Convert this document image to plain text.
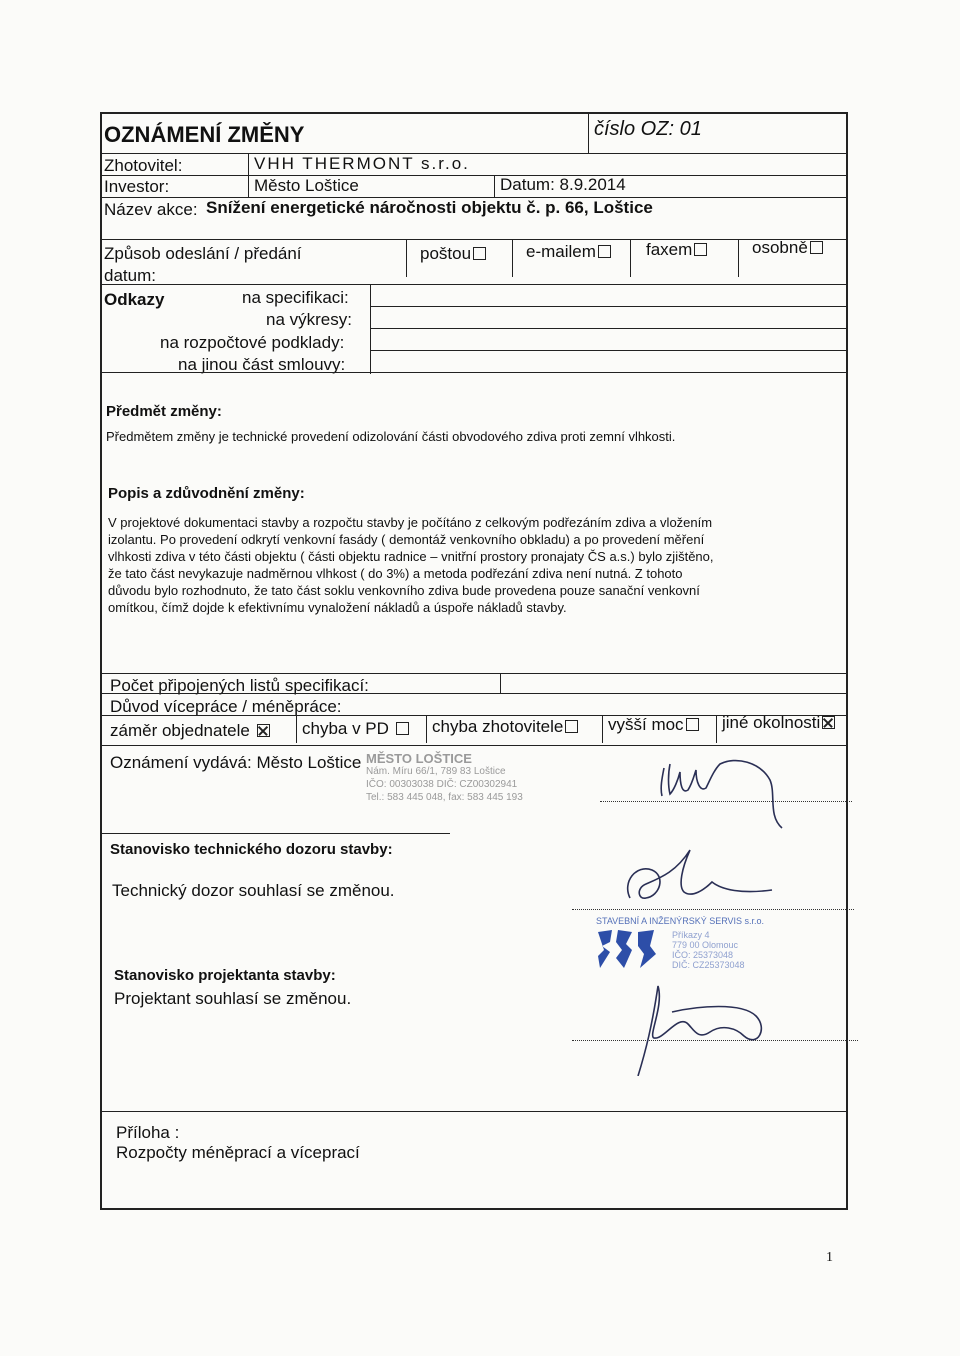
OZNÁMENÍ ZMĚNY	číslo OZ: 01
Zhotovitel:	VHH THERMONT s.r.o.
Investor:	Město Loštice	Datum: 8.9.2014
Název akce: Snížení energetické náročnosti objektu č. p. 66, Loštice
Způsob odeslání / předání
datum:
poštou	e-mailem	faxem	osobně
Odkazy	na specifikaci:
na výkresy:
na rozpočtové podklady:
na jinou část smlouvy:
Předmět změny:
Předmětem změny je technické provedení odizolování části obvodového zdiva proti zemní vlhkosti.
Popis a zdůvodnění změny:
V projektové dokumentaci stavby a rozpočtu stavby je počítáno z celkovým podřezáním zdiva a vložením
izolantu. Po provedení odkrytí venkovní fasády ( demontáž venkovního obkladu) a po provedení měření
vlhkosti zdiva v této části objektu ( části objektu radnice – vnitřní prostory pronajaty ČS a.s.) bylo zjištěno,
že tato část nevykazuje nadměrnou vlhkost ( do 3%) a metoda podřezání zdiva není nutná. Z tohoto
důvodu bylo rozhodnuto, že tato část soklu venkovního zdiva bude provedena pouze sanační venkovní
omítkou, čímž dojde k efektivnímu vynaložení nákladů a úspoře nákladů stavby.
Počet připojených listů specifikací:
Důvod vícepráce / méněpráce:
záměr objednatele	chyba v PD	chyba zhotovitele	vyšší moc	jiné okolnosti
Oznámení vydává: Město Loštice MĚSTO LOŠTICE
Nám. Míru 66/1, 789 83 Loštice
IČO: 00303038 DIČ: CZ00302941
Tel.: 583 445 048, fax: 583 445 193
Stanovisko technického dozoru stavby:
Technický dozor souhlasí se změnou.
STAVEBNÍ A INŽENÝRSKÝ SERVIS s.r.o.
Příkazy 4
779 00 Olomouc
IČO: 25373048
DIČ: CZ25373048
Stanovisko projektanta stavby:
Projektant souhlasí se změnou.
Příloha :
Rozpočty méněprací a víceprací
1
